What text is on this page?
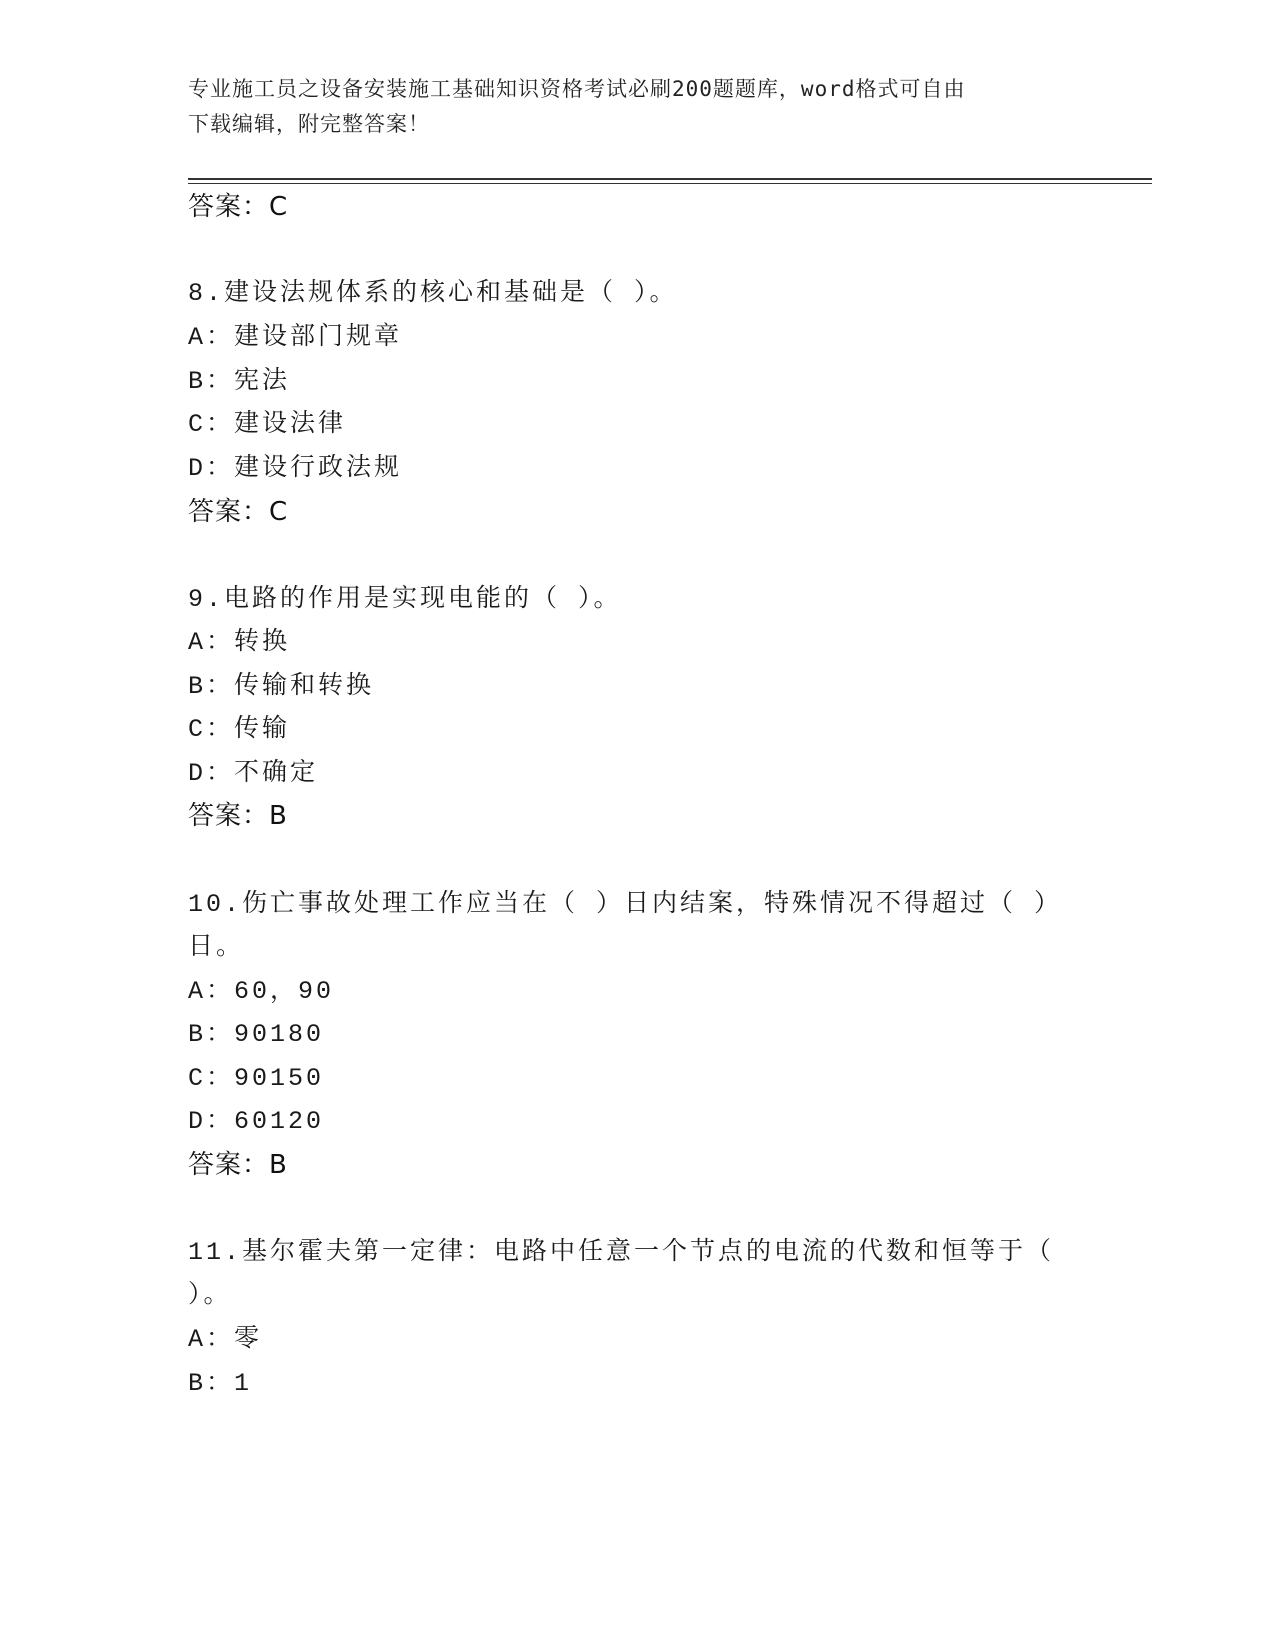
专业施工员之设备安装施工基础知识资格考试必刷200题题库，word格式可自由
下载编辑，附完整答案！
答案：C
8.建设法规体系的核心和基础是（ ）。
A：建设部门规章
B：宪法
C：建设法律
D：建设行政法规
答案：C
9.电路的作用是实现电能的（ ）。
A：转换
B：传输和转换
C：传输
D：不确定
答案：B
10.伤亡事故处理工作应当在（ ）日内结案，特殊情况不得超过（ ）
日。
A：60，90
B：90180
C：90150
D：60120
答案：B
11.基尔霍夫第一定律：电路中任意一个节点的电流的代数和恒等于（
）。
A：零
B：1
